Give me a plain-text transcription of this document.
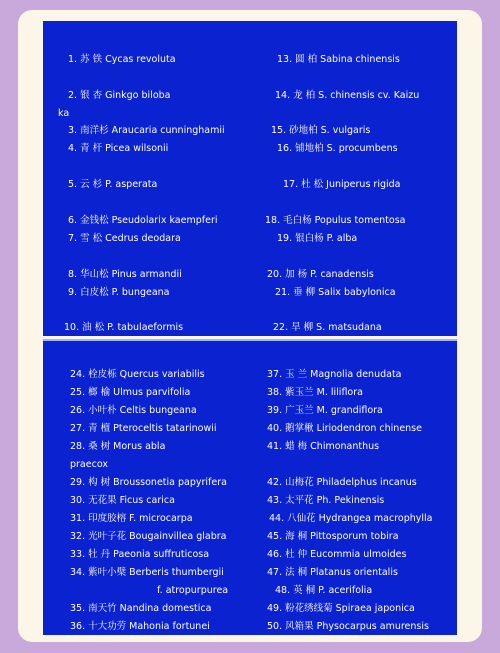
1. 苏 铁 Cycas revoluta	13. 圆 柏 Sabina chinensis
2. 银 杏 Ginkgo biloba	14. 龙 柏 S. chinensis cv. Kaizu
ka
3. 南洋杉 Araucaria cunninghamii	15. 砂地柏 S. vulgaris
4. 青 杆 Picea wilsonii	16. 铺地柏 S. procumbens
5. 云 杉 P. asperata	17. 杜 松 Juniperus rigida
6. 金钱松 Pseudolarix kaempferi	18. 毛白杨 Populus tomentosa
7. 雪 松 Cedrus deodara	19. 银白杨 P. alba
8. 华山松 Pinus armandii	20. 加 杨 P. canadensis
9. 白皮松 P. bungeana	21. 垂 柳 Salix babylonica
10. 油 松 P. tabulaeformis	22. 旱 柳 S. matsudana
24. 栓皮栎 Quercus variabilis	37. 玉 兰 Magnolia denudata
25. 榔 榆 Ulmus parvifolia	38. 紫玉兰 M. liliflora
26. 小叶朴 Celtis bungeana	39. 广玉兰 M. grandiflora
27. 青 檀 Pteroceltis tatarinowii	40. 鹅掌楸 Liriodendron chinense
28. 桑 树 Morus abla	41. 蜡 梅 Chimonanthus
praecox
29. 构 树 Broussonetia papyrifera	42. 山梅花 Philadelphus incanus
30. 无花果 Ficus carica	43. 太平花 Ph. Pekinensis
31. 印度胶榕 F. microcarpa	44. 八仙花 Hydrangea macrophylla
32. 光叶子花 Bougainvillea glabra	45. 海 桐 Pittosporum tobira
33. 牡 丹 Paeonia suffruticosa	46. 杜 仲 Eucommia ulmoides
34. 紫叶小檗 Berberis thumbergii	47. 法 桐 Platanus orientalis
f. atropurpurea	48. 英 桐 P. acerifolia
35. 南天竹 Nandina domestica	49. 粉花绣线菊 Spiraea japonica
36. 十大功劳 Mahonia fortunei	50. 风箱果 Physocarpus amurensis
